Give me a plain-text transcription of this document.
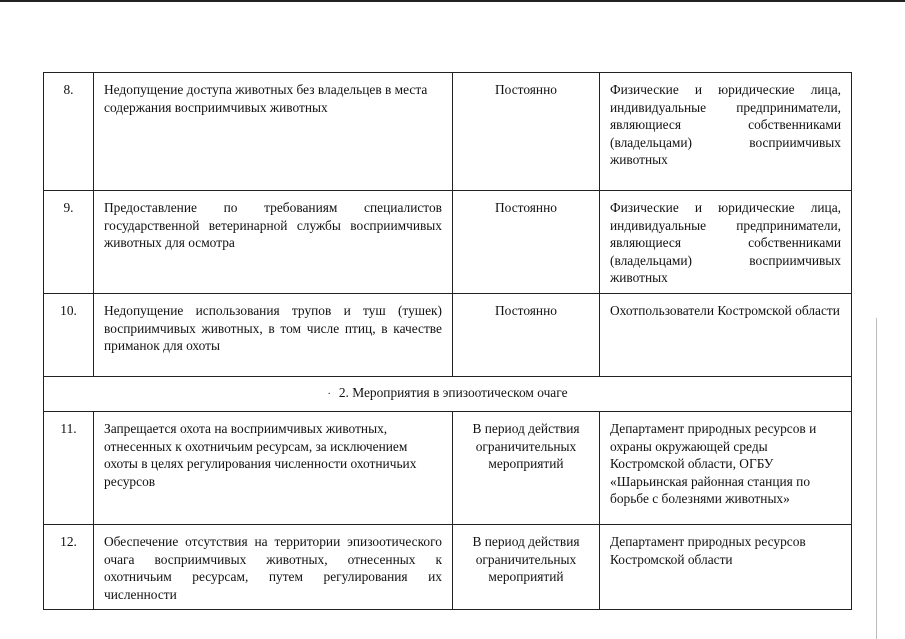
8.	Недопущение доступа животных без владельцев в места содержания восприимчивых животных	Постоянно	Физические и юридические лица, индивидуальные предприниматели, являющиеся собственниками (владельцами) восприимчивых животных
9.	Предоставление по требованиям специалистов государственной ветеринарной службы восприимчивых животных для осмотра	Постоянно	Физические и юридические лица, индивидуальные предприниматели, являющиеся собственниками (владельцами) восприимчивых животных
10.	Недопущение использования трупов и туш (тушек) восприимчивых животных, в том числе птиц, в качестве приманок для охоты	Постоянно	Охотпользователи Костромской области
· 2. Мероприятия в эпизоотическом очаге			
11.	Запрещается охота на восприимчивых животных, отнесенных к охотничьим ресурсам, за исключением охоты в целях регулирования численности охотничьих ресурсов	В период действия ограничительных мероприятий	Департамент природных ресурсов и охраны окружающей среды Костромской области, ОГБУ «Шарьинская районная станция по борьбе с болезнями животных»
12.	Обеспечение отсутствия на территории эпизоотического очага восприимчивых животных, отнесенных к охотничьим ресурсам, путем регулирования их численности	В период действия ограничительных мероприятий	Департамент природных ресурсов Костромской области
